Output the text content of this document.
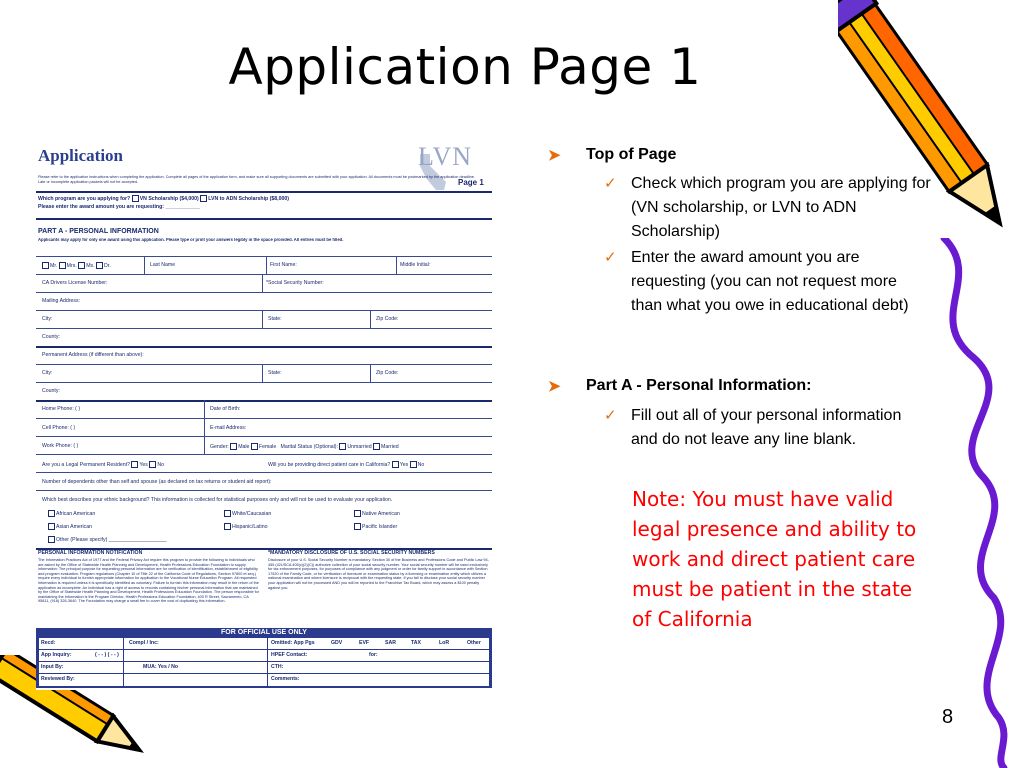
Application Page 1
Application	LVN
Page 1
Please refer to the application instructions when completing the application. Complete all pages of the application form, and make sure all supporting documents are submitted with your application. All documents must be postmarked by the application deadline. Late or incomplete application packets will not be accepted.
Which program are you applying for? VN Scholarship ($4,000) LVN to ADN Scholarship ($8,000)
Please enter the award amount you are requesting: ____________
PART A - PERSONAL INFORMATION
Applicants may apply for only one award using this application. Please type or print your answers legibly in the space provided. All entries must be filled.
Mr. Mrs. Ms. Dr.	Last Name	First Name:	Middle Initial:
CA Drivers License Number:	*Social Security Number:
Mailing Address:
City:	State:	Zip Code:
County:
Permanent Address (if different than above):
City:	State:	Zip Code:
County:
Home Phone: ( )	Date of Birth:
Cell Phone: ( )	E-mail Address:
Work Phone: ( )	Gender: Male Female Marital Status (Optional): Unmarried Married
Are you a Legal Permanent Resident? Yes No	Will you be providing direct patient care in California? Yes No
Number of dependents other than self and spouse (as declared on tax returns or student aid report):
Which best describes your ethnic background? This information is collected for statistical purposes only and will not be used to evaluate your application.
African American	White/Caucasian	Native American
Asian American	Hispanic/Latino	Pacific Islander
Other (Please specify) ____________________
PERSONAL INFORMATION NOTIFICATION
The Information Practices Act of 1977 and the Federal Privacy Act require this program to provide the following to individuals who are asked by the Office of Statewide Health Planning and Development, Health Professions Education Foundation to supply information: The principal purpose for requesting personal information are for verification of identification, establishment of eligibility and program evaluation. Program regulations (Chapter 10 of Title 22 of the California Code of Regulations, Section 97800 et seq.) require every individual to furnish appropriate information for application to the Vocational Nurse Education Program. All requested information is required unless it is specifically identified as voluntary. Failure to furnish this information may result in the return of the application as incomplete. An individual has a right of access to records containing his/her personal information that are maintained by the Office of Statewide Health Planning and Development, Health Professions Education Foundation. The person responsible for maintaining the information is the Program Director, Health Professions Education Foundation, 400 R Street, Sacramento, CA 95811, (916) 326-3640. The Foundation may charge a small fee to cover the cost of duplicating this information.
*MANDATORY DISCLOSURE OF U.S. SOCIAL SECURITY NUMBERS
Disclosure of your U.S. Social Security Number is mandatory. Section 30 of the Business and Professions Code and Public Law 94-455 (42USCA 405(c)(2)(C)) authorize collection of your social security number. Your social security number will be used exclusively for tax enforcement purposes, for purposes of compliance with any judgment or order for family support in accordance with Section 17520 of the Family Code, or for verification of licensure or examination status by a licensing or examination entity which utilizes a national examination and where licensure is reciprocal with the requesting state. If you fail to disclose your social security number your application will not be processed AND you will be reported to the Franchise Tax Board, which may assess a $100 penalty against you.
FOR OFFICIAL USE ONLY
Recd:	Compl / Inc:	Omitted: App Pgs	GDV	EVF	SAR	TAX	LoR	Other
App Inquiry:	( - - ) ( - - )	HPEF Contact:	for:
Input By:	MUA: Yes / No	CTH:
Reviewed By:	Comments:
➤ Top of Page
✓ Check which program you are applying for (VN scholarship, or LVN to ADN Scholarship)
✓ Enter the award amount you are requesting (you can not request more than what you owe in educational debt)
➤ Part A - Personal Information:
✓ Fill out all of your personal information and do not leave any line blank.
Note: You must have valid legal presence and ability to work and direct patient care must be patient in the state of California
8
